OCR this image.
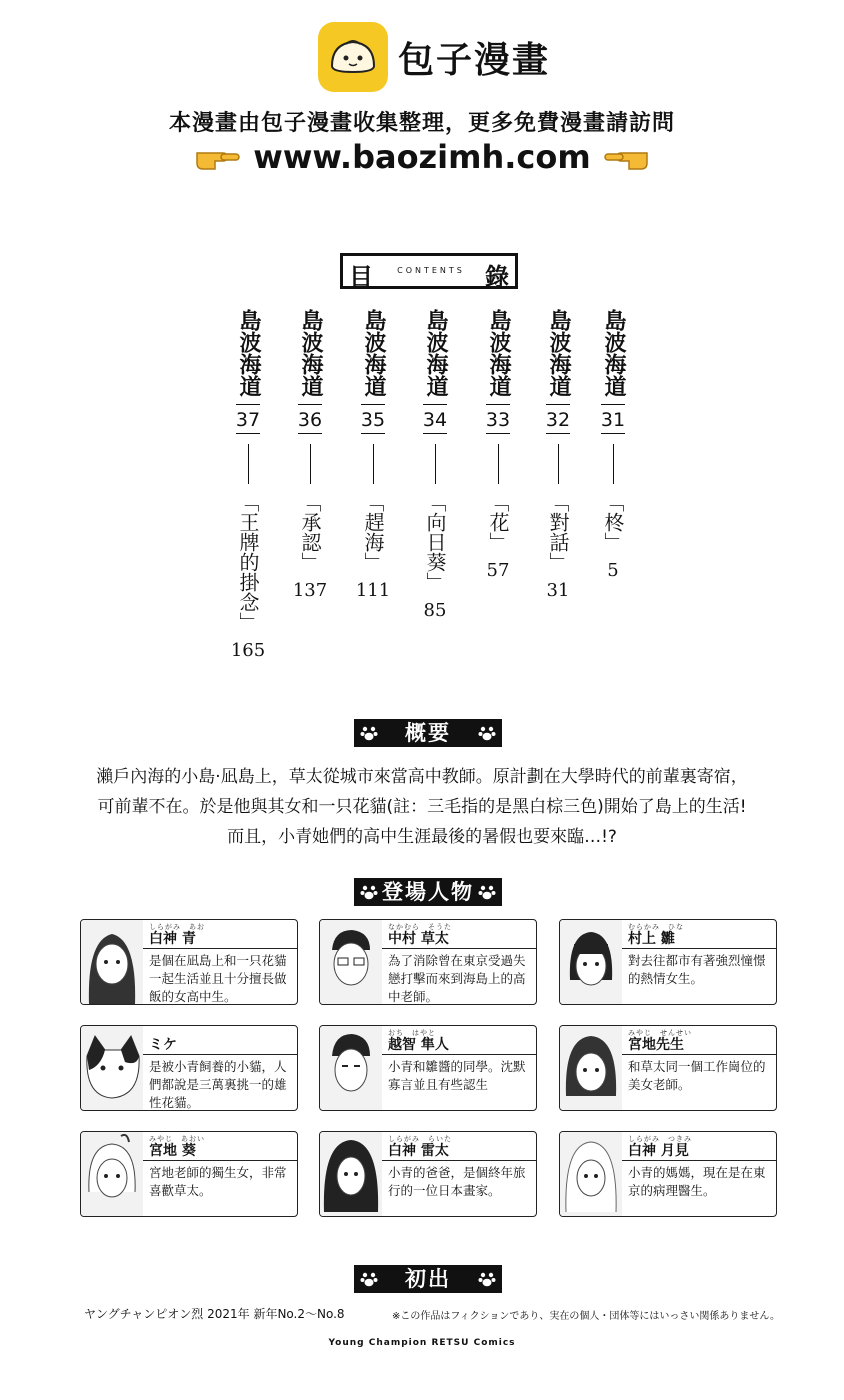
包子漫畫
本漫畫由包子漫畫收集整理，更多免費漫畫請訪問
www.baozimh.com
目	CONTENTS 錄
島波海道
37
「王牌的掛念」
165
島波海道
36
「承認」
137
島波海道
35
「趕海」
111
島波海道
34
「向日葵」
85
島波海道
33
「花」
57
島波海道
32
「對話」
31
島波海道
31
「柊」
5
概要
瀨戶內海的小島·凪島上，草太從城市來當高中教師。原計劃在大學時代的前輩裏寄宿，
可前輩不在。於是他與其女和一只花貓(註：三毛指的是黑白棕三色)開始了島上的生活!
而且，小青她們的高中生涯最後的暑假也要來臨…!?
登場人物
しらがみ　あお
白神 青
是個在凪島上和一只花貓一起生活並且十分擅長做飯的女高中生。
なかむら　そうた
中村 草太
為了消除曾在東京受過失戀打擊而來到海島上的高中老師。
むらかみ　ひな
村上 雛
對去往都市有著強烈憧憬的熱情女生。
ミケ
是被小青飼養的小貓，人們都說是三萬裏挑一的雄性花貓。
おち　はやと
越智 隼人
小青和雛醬的同學。沈默寡言並且有些認生
みやじ　せんせい
宮地先生
和草太同一個工作崗位的美女老師。
みやじ　あおい
宮地 葵
宮地老師的獨生女，非常喜歡草太。
しらがみ　らいた
白神 雷太
小青的爸爸，是個終年旅行的一位日本畫家。
しらがみ　つきみ
白神 月見
小青的媽媽，現在是在東京的病理醫生。
初出
ヤングチャンピオン烈 2021年 新年No.2～No.8	※この作品はフィクションであり、実在の個人・団体等にはいっさい関係ありません。
Young Champion RETSU Comics
